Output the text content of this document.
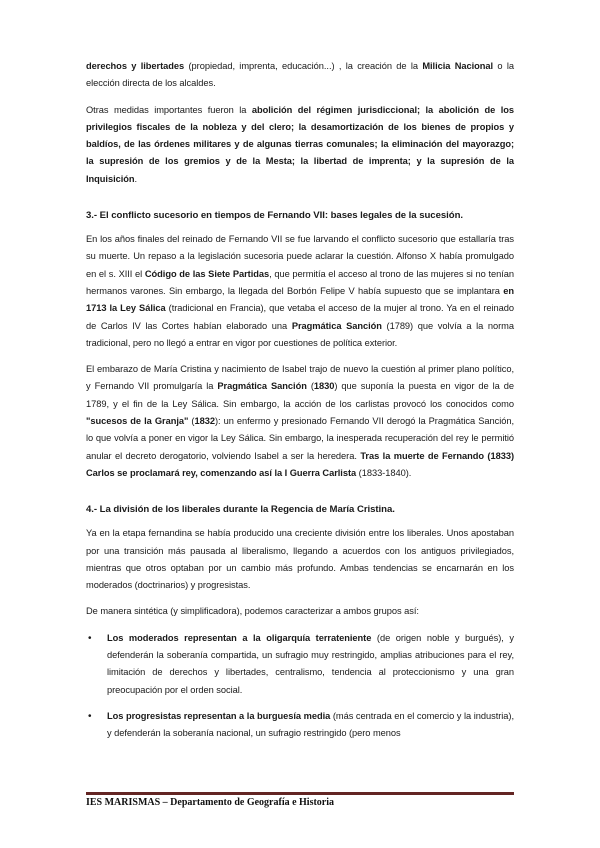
derechos y libertades (propiedad, imprenta, educación...) , la creación de la Milicia Nacional o la elección directa de los alcaldes.

Otras medidas importantes fueron la abolición del régimen jurisdiccional; la abolición de los privilegios fiscales de la nobleza y del clero; la desamortización de los bienes de propios y baldíos, de las órdenes militares y de algunas tierras comunales; la eliminación del mayorazgo; la supresión de los gremios y de la Mesta; la libertad de imprenta; y la supresión de la Inquisición.

3.- El conflicto sucesorio en tiempos de Fernando VII: bases legales de la sucesión.

En los años finales del reinado de Fernando VII se fue larvando el conflicto sucesorio que estallaría tras su muerte. Un repaso a la legislación sucesoria puede aclarar la cuestión. Alfonso X había promulgado en el s. XIII el Código de las Siete Partidas, que permitía el acceso al trono de las mujeres si no tenían hermanos varones. Sin embargo, la llegada del Borbón Felipe V había supuesto que se implantara en 1713 la Ley Sálica (tradicional en Francia), que vetaba el acceso de la mujer al trono. Ya en el reinado de Carlos IV las Cortes habían elaborado una Pragmática Sanción (1789) que volvía a la norma tradicional, pero no llegó a entrar en vigor por cuestiones de política exterior.

El embarazo de María Cristina y nacimiento de Isabel trajo de nuevo la cuestión al primer plano político, y Fernando VII promulgaría la Pragmática Sanción (1830) que suponía la puesta en vigor de la de 1789, y el fin de la Ley Sálica. Sin embargo, la acción de los carlistas provocó los conocidos como "sucesos de la Granja" (1832): un enfermo y presionado Fernando VII derogó la Pragmática Sanción, lo que volvía a poner en vigor la Ley Sálica. Sin embargo, la inesperada recuperación del rey le permitió anular el decreto derogatorio, volviendo Isabel a ser la heredera. Tras la muerte de Fernando (1833) Carlos se proclamará rey, comenzando así la I Guerra Carlista (1833-1840).

4.- La división de los liberales durante la Regencia de María Cristina.

Ya en la etapa fernandina se había producido una creciente división entre los liberales. Unos apostaban por una transición más pausada al liberalismo, llegando a acuerdos con los antiguos privilegiados, mientras que otros optaban por un cambio más profundo. Ambas tendencias se encarnarán en los moderados (doctrinarios) y progresistas.

De manera sintética (y simplificadora), podemos caracterizar a ambos grupos así:

• Los moderados representan a la oligarquía terrateniente (de origen noble y burgués), y defenderán la soberanía compartida, un sufragio muy restringido, amplias atribuciones para el rey, limitación de derechos y libertades, centralismo, tendencia al proteccionismo y una gran preocupación por el orden social.
• Los progresistas representan a la burguesía media (más centrada en el comercio y la industria), y defenderán la soberanía nacional, un sufragio restringido (pero menos
IES MARISMAS – Departamento de Geografía e Historia
